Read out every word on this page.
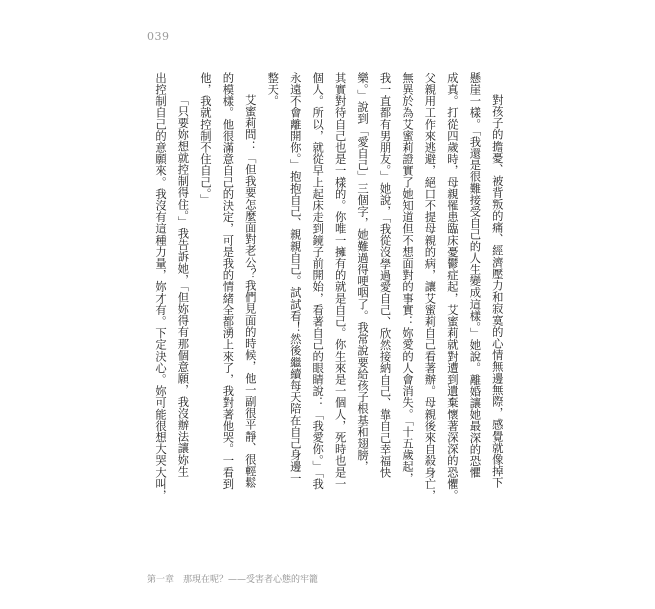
039
對孩子的擔憂、被背叛的痛、經濟壓力和寂寞的心情無邊無際，感覺就像掉下
懸崖一樣。「我還是很難接受自己的人生變成這樣。」她說。離婚讓她最深的恐懼
成真。打從四歲時，母親罹患臨床憂鬱症起，艾蜜莉就對遭到遺棄懷著深深的恐懼。
父親用工作來逃避，絕口不提母親的病，讓艾蜜莉自己看著辦。母親後來自殺身亡，
無異於為艾蜜莉證實了她知道但不想面對的事實：妳愛的人會消失。「十五歲起，
我一直都有男朋友。」她說，「我從沒學過愛自己、欣然接納自己、靠自己幸福快
樂。」說到「愛自己」三個字，她難過得哽咽了。我常說要給孩子根基和翅膀，
其實對待自己也是一樣的。你唯一擁有的就是自己。你生來是一個人，死時也是一
個人。所以，就從早上起床走到鏡子前開始，看著自己的眼睛說：「我愛你。」「我
永遠不會離開你。」抱抱自己、親親自己。試試看！然後繼續每天陪在自己身邊一
整天。
艾蜜莉問：「但我要怎麼面對老公？我們見面的時候，他一副很平靜、很輕鬆
的模樣。他很滿意自己的決定，可是我的情緒全都湧上來了，我對著他哭。一看到
他，我就控制不住自己。」
「只要妳想就控制得住。」我告訴她，「但妳得有那個意願，我沒辦法讓妳生
出控制自己的意願來。我沒有這種力量，妳才有。下定決心。妳可能很想大哭大叫，
第一章　那現在呢？——受害者心態的牢籠
